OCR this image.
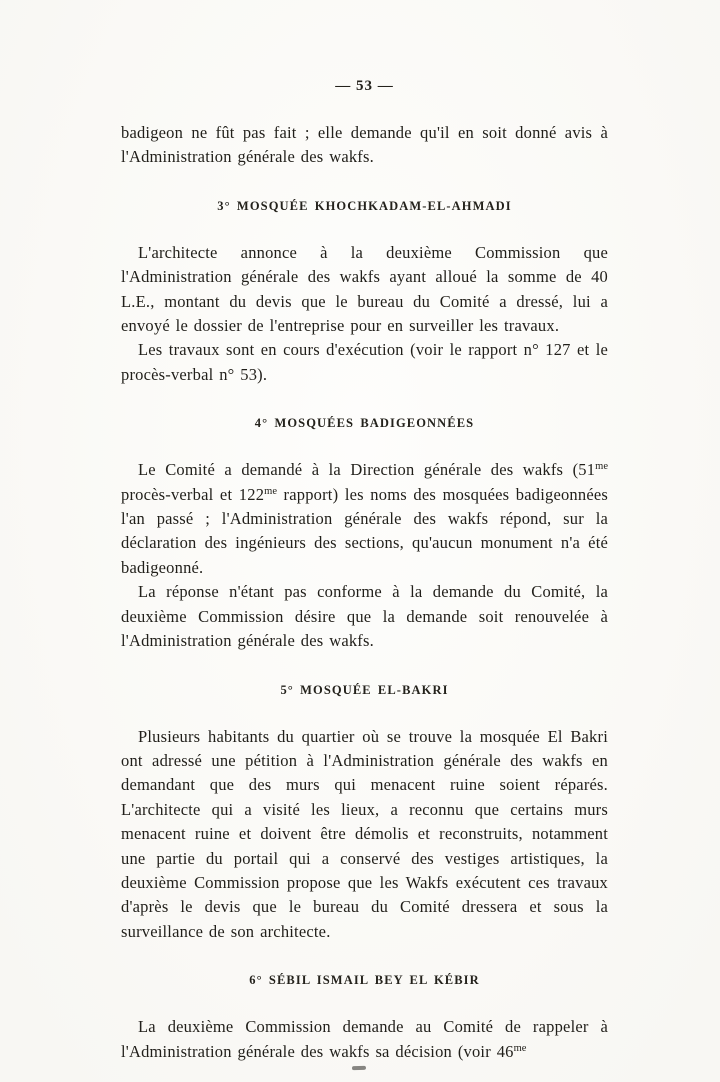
— 53 —

badigeon ne fût pas fait ; elle demande qu'il en soit donné avis à l'Administration générale des wakfs.

3° MOSQUÉE KHOCHKADAM-EL-AHMADI

L'architecte annonce à la deuxième Commission que l'Administration générale des wakfs ayant alloué la somme de 40 L.E., montant du devis que le bureau du Comité a dressé, lui a envoyé le dossier de l'entreprise pour en surveiller les travaux.

Les travaux sont en cours d'exécution (voir le rapport n° 127 et le procès-verbal n° 53).

4° MOSQUÉES BADIGEONNÉES

Le Comité a demandé à la Direction générale des wakfs ($51^{me}$ procès-verbal et $122^{me}$ rapport) les noms des mosquées badigeonnées l'an passé ; l'Administration générale des wakfs répond, sur la déclaration des ingénieurs des sections, qu'aucun monument n'a été badigeonné.

La réponse n'étant pas conforme à la demande du Comité, la deuxième Commission désire que la demande soit renouvelée à l'Administration générale des wakfs.

5° MOSQUÉE EL-BAKRI

Plusieurs habitants du quartier où se trouve la mosquée El Bakri ont adressé une pétition à l'Administration générale des wakfs en demandant que des murs qui menacent ruine soient réparés. L'architecte qui a visité les lieux, a reconnu que certains murs menacent ruine et doivent être démolis et reconstruits, notamment une partie du portail qui a conservé des vestiges artistiques, la deuxième Commission propose que les Wakfs exécutent ces travaux d'après le devis que le bureau du Comité dressera et sous la surveillance de son architecte.

6° SÉBIL ISMAIL BEY EL KÉBIR

La deuxième Commission demande au Comité de rappeler à l'Administration générale des wakfs sa décision (voir $46^{me}$
